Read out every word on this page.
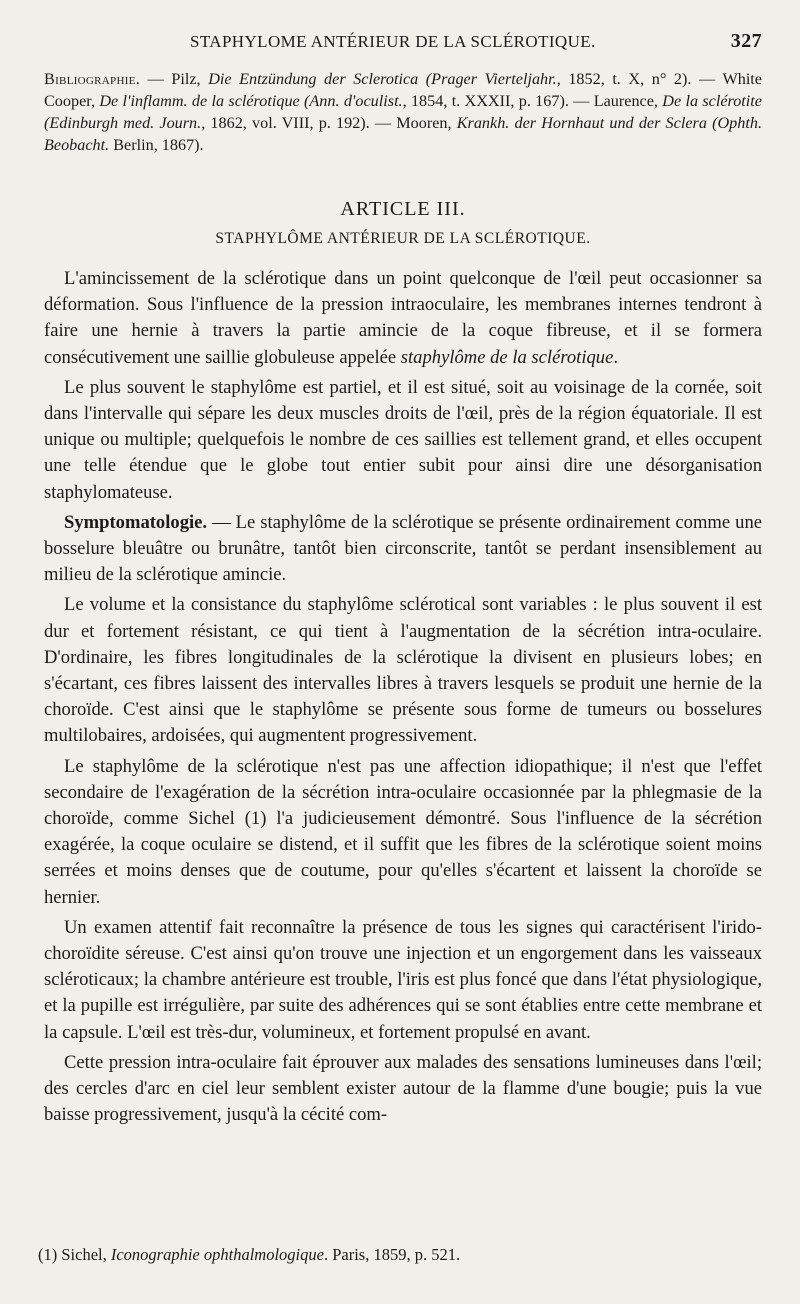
STAPHYLOME ANTÉRIEUR DE LA SCLÉROTIQUE.	327
Bibliographie. — Pilz, Die Entzündung der Sclerotica (Prager Vierteljahr., 1852, t. X, n° 2). — White Cooper, De l'inflamm. de la sclérotique (Ann. d'oculist., 1854, t. XXXII, p. 167). — Laurence, De la sclérotite (Edinburgh med. Journ., 1862, vol. VIII, p. 192). — Mooren, Krankh. der Hornhaut und der Sclera (Ophth. Beobacht. Berlin, 1867).
ARTICLE III.
STAPHYLÔME ANTÉRIEUR DE LA SCLÉROTIQUE.

L'amincissement de la sclérotique dans un point quelconque de l'œil peut occasionner sa déformation. Sous l'influence de la pression intraoculaire, les membranes internes tendront à faire une hernie à travers la partie amincie de la coque fibreuse, et il se formera consécutivement une saillie globuleuse appelée staphylôme de la sclérotique.

Le plus souvent le staphylôme est partiel, et il est situé, soit au voisinage de la cornée, soit dans l'intervalle qui sépare les deux muscles droits de l'œil, près de la région équatoriale. Il est unique ou multiple; quelquefois le nombre de ces saillies est tellement grand, et elles occupent une telle étendue que le globe tout entier subit pour ainsi dire une désorganisation staphylomateuse.

Symptomatologie. — Le staphylôme de la sclérotique se présente ordinairement comme une bosselure bleuâtre ou brunâtre, tantôt bien circonscrite, tantôt se perdant insensiblement au milieu de la sclérotique amincie.

Le volume et la consistance du staphylôme sclérotical sont variables : le plus souvent il est dur et fortement résistant, ce qui tient à l'augmentation de la sécrétion intra-oculaire. D'ordinaire, les fibres longitudinales de la sclérotique la divisent en plusieurs lobes; en s'écartant, ces fibres laissent des intervalles libres à travers lesquels se produit une hernie de la choroïde. C'est ainsi que le staphylôme se présente sous forme de tumeurs ou bosselures multilobaires, ardoisées, qui augmentent progressivement.

Le staphylôme de la sclérotique n'est pas une affection idiopathique; il n'est que l'effet secondaire de l'exagération de la sécrétion intra-oculaire occasionnée par la phlegmasie de la choroïde, comme Sichel (1) l'a judicieusement démontré. Sous l'influence de la sécrétion exagérée, la coque oculaire se distend, et il suffit que les fibres de la sclérotique soient moins serrées et moins denses que de coutume, pour qu'elles s'écartent et laissent la choroïde se hernier.

Un examen attentif fait reconnaître la présence de tous les signes qui caractérisent l'irido-choroïdite séreuse. C'est ainsi qu'on trouve une injection et un engorgement dans les vaisseaux scléroticaux; la chambre antérieure est trouble, l'iris est plus foncé que dans l'état physiologique, et la pupille est irrégulière, par suite des adhérences qui se sont établies entre cette membrane et la capsule. L'œil est très-dur, volumineux, et fortement propulsé en avant.

Cette pression intra-oculaire fait éprouver aux malades des sensations lumineuses dans l'œil; des cercles d'arc en ciel leur semblent exister autour de la flamme d'une bougie; puis la vue baisse progressivement, jusqu'à la cécité com-

(1) Sichel, Iconographie ophthalmologique. Paris, 1859, p. 521.
